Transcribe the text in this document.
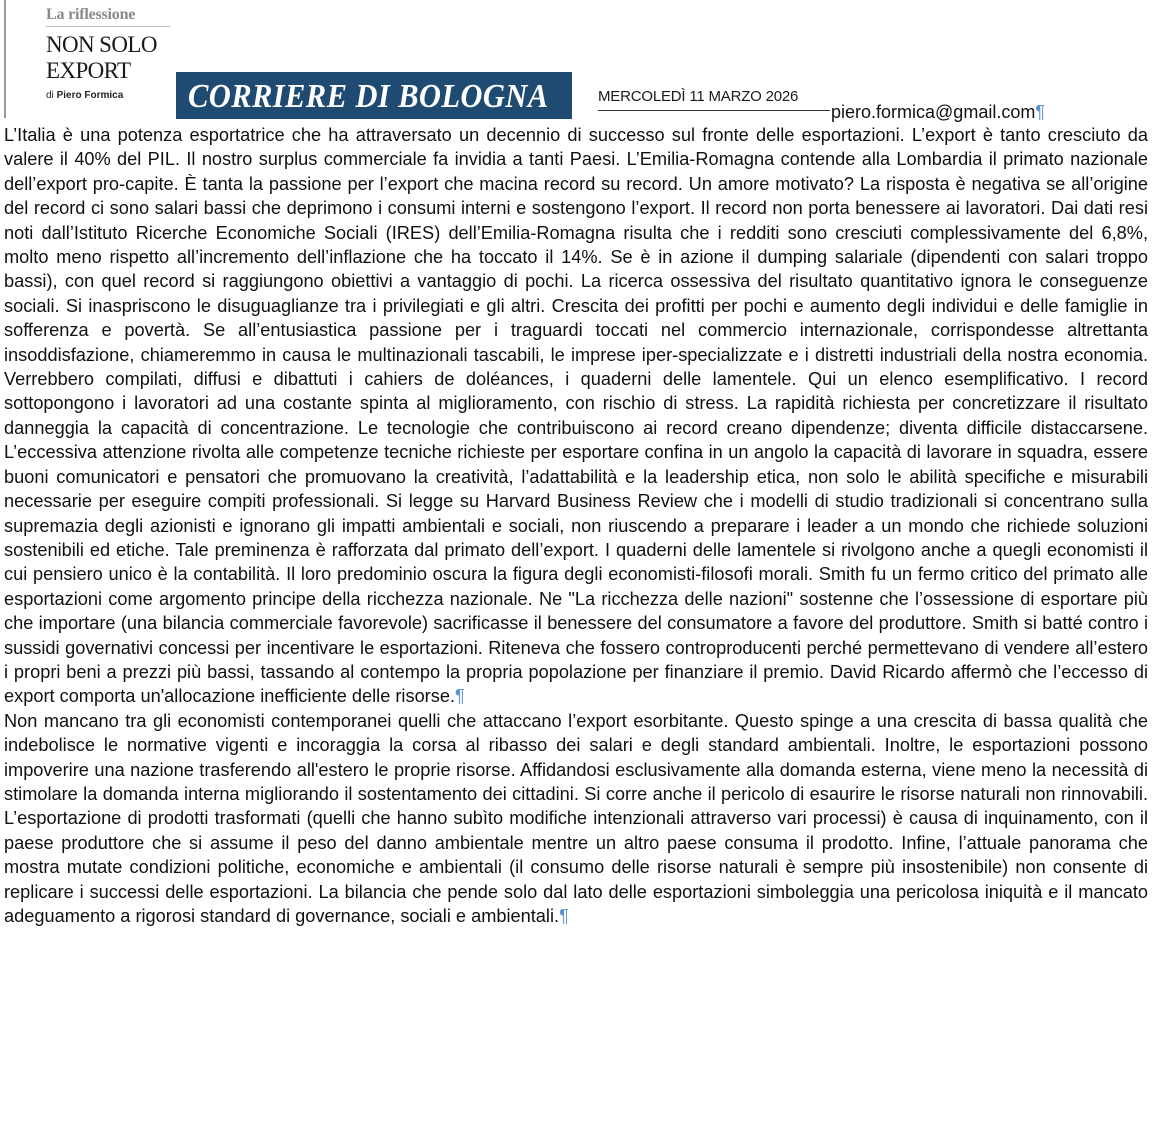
La riflessione
NON SOLO
EXPORT
di Piero Formica CORRIERE DI BOLOGNA	MERCOLEDÌ 11 MARZO 2026
piero.formica@gmail.com¶

L’Italia è una potenza esportatrice che ha attraversato un decennio di successo sul fronte delle esportazioni. L’export è tanto cresciuto da valere il 40% del PIL. Il nostro surplus commerciale fa invidia a tanti Paesi. L’Emilia-Romagna contende alla Lombardia il primato nazionale dell’export pro-capite. È tanta la passione per l’export che macina record su record. Un amore motivato? La risposta è negativa se all’origine del record ci sono salari bassi che deprimono i consumi interni e sostengono l’export. Il record non porta benessere ai lavoratori. Dai dati resi noti dall’Istituto Ricerche Economiche Sociali (IRES) dell’Emilia-Romagna risulta che i redditi sono cresciuti complessivamente del 6,8%, molto meno rispetto all’incremento dell’inflazione che ha toccato il 14%. Se è in azione il dumping salariale (dipendenti con salari troppo bassi), con quel record si raggiungono obiettivi a vantaggio di pochi. La ricerca ossessiva del risultato quantitativo ignora le conseguenze sociali. Si inaspriscono le disuguaglianze tra i privilegiati e gli altri. Crescita dei profitti per pochi e aumento degli individui e delle famiglie in sofferenza e povertà. Se all’entusiastica passione per i traguardi toccati nel commercio internazionale, corrispondesse altrettanta insoddisfazione, chiameremmo in causa le multinazionali tascabili, le imprese iper-specializzate e i distretti industriali della nostra economia. Verrebbero compilati, diffusi e dibattuti i cahiers de doléances, i quaderni delle lamentele. Qui un elenco esemplificativo. I record sottopongono i lavoratori ad una costante spinta al miglioramento, con rischio di stress. La rapidità richiesta per concretizzare il risultato danneggia la capacità di concentrazione. Le tecnologie che contribuiscono ai record creano dipendenze; diventa difficile distaccarsene. L’eccessiva attenzione rivolta alle competenze tecniche richieste per esportare confina in un angolo la capacità di lavorare in squadra, essere buoni comunicatori e pensatori che promuovano la creatività, l’adattabilità e la leadership etica, non solo le abilità specifiche e misurabili necessarie per eseguire compiti professionali. Si legge su Harvard Business Review che i modelli di studio tradizionali si concentrano sulla supremazia degli azionisti e ignorano gli impatti ambientali e sociali, non riuscendo a preparare i leader a un mondo che richiede soluzioni sostenibili ed etiche. Tale preminenza è rafforzata dal primato dell’export. I quaderni delle lamentele si rivolgono anche a quegli economisti il cui pensiero unico è la contabilità. Il loro predominio oscura la figura degli economisti-filosofi morali. Smith fu un fermo critico del primato alle esportazioni come argomento principe della ricchezza nazionale. Ne "La ricchezza delle nazioni" sostenne che l’ossessione di esportare più che importare (una bilancia commerciale favorevole) sacrificasse il benessere del consumatore a favore del produttore. Smith si batté contro i sussidi governativi concessi per incentivare le esportazioni. Riteneva che fossero controproducenti perché permettevano di vendere all’estero i propri beni a prezzi più bassi, tassando al contempo la propria popolazione per finanziare il premio. David Ricardo affermò che l’eccesso di export comporta un'allocazione inefficiente delle risorse.¶

Non mancano tra gli economisti contemporanei quelli che attaccano l’export esorbitante. Questo spinge a una crescita di bassa qualità che indebolisce le normative vigenti e incoraggia la corsa al ribasso dei salari e degli standard ambientali. Inoltre, le esportazioni possono impoverire una nazione trasferendo all'estero le proprie risorse. Affidandosi esclusivamente alla domanda esterna, viene meno la necessità di stimolare la domanda interna migliorando il sostentamento dei cittadini. Si corre anche il pericolo di esaurire le risorse naturali non rinnovabili. L’esportazione di prodotti trasformati (quelli che hanno subìto modifiche intenzionali attraverso vari processi) è causa di inquinamento, con il paese produttore che si assume il peso del danno ambientale mentre un altro paese consuma il prodotto. Infine, l’attuale panorama che mostra mutate condizioni politiche, economiche e ambientali (il consumo delle risorse naturali è sempre più insostenibile) non consente di replicare i successi delle esportazioni. La bilancia che pende solo dal lato delle esportazioni simboleggia una pericolosa iniquità e il mancato adeguamento a rigorosi standard di governance, sociali e ambientali.¶
